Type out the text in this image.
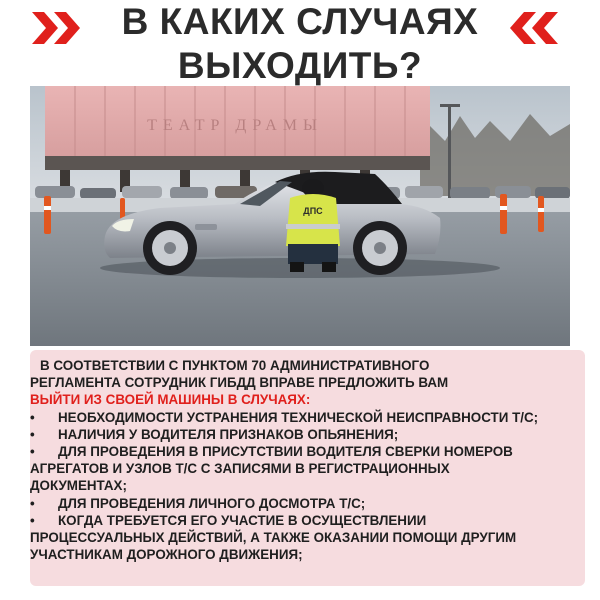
В КАКИХ СЛУЧАЯХ
ВЫХОДИТЬ?
ТЕАТР ДРАМЫ
ДПС
В СООТВЕТСТВИИ С ПУНКТОМ 70 АДМИНИСТРАТИВНОГО
РЕГЛАМЕНТА СОТРУДНИК ГИБДД ВПРАВЕ ПРЕДЛОЖИТЬ ВАМ
ВЫЙТИ ИЗ СВОЕЙ МАШИНЫ В СЛУЧАЯХ:
• НЕОБХОДИМОСТИ УСТРАНЕНИЯ ТЕХНИЧЕСКОЙ НЕИСПРАВНОСТИ Т/С;
• НАЛИЧИЯ У ВОДИТЕЛЯ ПРИЗНАКОВ ОПЬЯНЕНИЯ;
• ДЛЯ ПРОВЕДЕНИЯ В ПРИСУТСТВИИ ВОДИТЕЛЯ СВЕРКИ НОМЕРОВ
АГРЕГАТОВ И УЗЛОВ Т/С С ЗАПИСЯМИ В РЕГИСТРАЦИОННЫХ
ДОКУМЕНТАХ;
• ДЛЯ ПРОВЕДЕНИЯ ЛИЧНОГО ДОСМОТРА Т/С;
• КОГДА ТРЕБУЕТСЯ ЕГО УЧАСТИЕ В ОСУЩЕСТВЛЕНИИ
ПРОЦЕССУАЛЬНЫХ ДЕЙСТВИЙ, А ТАКЖЕ ОКАЗАНИИ ПОМОЩИ ДРУГИМ
УЧАСТНИКАМ ДОРОЖНОГО ДВИЖЕНИЯ;
